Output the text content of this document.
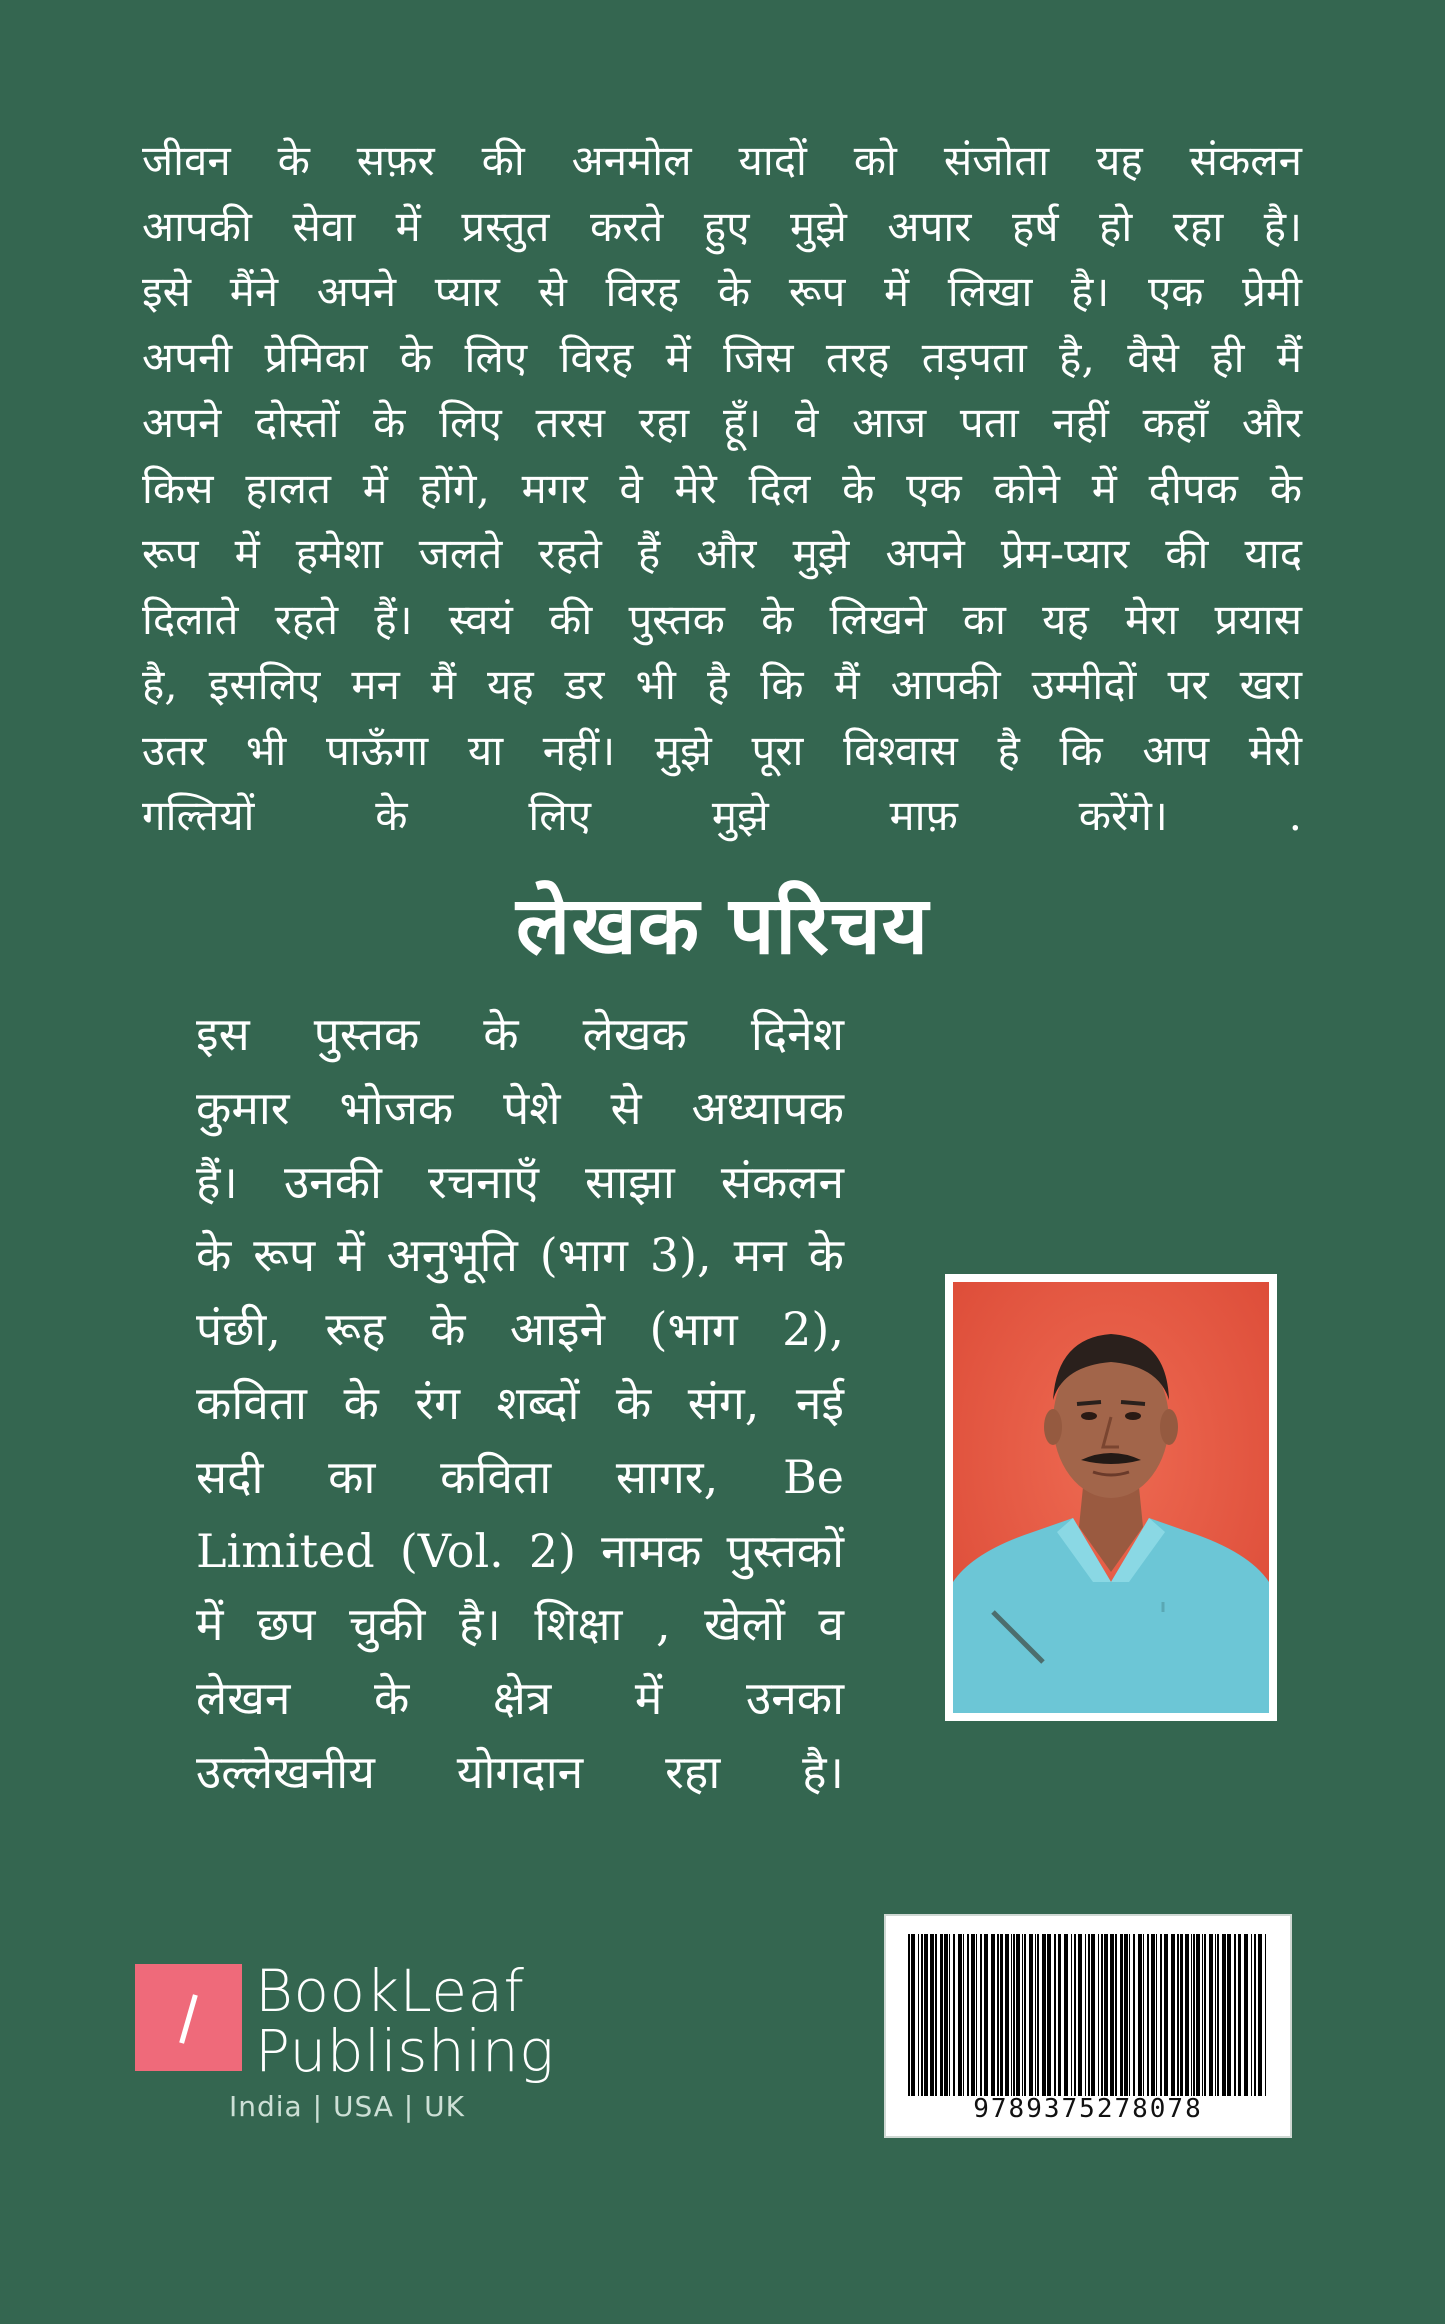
जीवन के सफ़र की अनमोल यादों को संजोता यह संकलन
आपकी सेवा में प्रस्तुत करते हुए मुझे अपार हर्ष हो रहा है।
इसे मैंने अपने प्यार से विरह के रूप में लिखा है। एक प्रेमी
अपनी प्रेमिका के लिए विरह में जिस तरह तड़पता है, वैसे ही मैं
अपने दोस्तों के लिए तरस रहा हूँ। वे आज पता नहीं कहाँ और
किस हालत में होंगे, मगर वे मेरे दिल के एक कोने में दीपक के
रूप में हमेशा जलते रहते हैं और मुझे अपने प्रेम-प्यार की याद
दिलाते रहते हैं। स्वयं की पुस्तक के लिखने का यह मेरा प्रयास
है, इसलिए मन मैं यह डर भी है कि मैं आपकी उम्मीदों पर खरा
उतर भी पाऊँगा या नहीं। मुझे पूरा विश्वास है कि आप मेरी
गल्तियों के लिए मुझे माफ़ करेंगे। .
लेखक परिचय
इस पुस्तक के लेखक दिनेश
कुमार भोजक पेशे से अध्यापक
हैं। उनकी रचनाएँ साझा संकलन
के रूप में अनुभूति (भाग 3), मन के
पंछी, रूह के आइने (भाग 2),
कविता के रंग शब्दों के संग, नई
सदी का कविता सागर, Be
Limited (Vol. 2) नामक पुस्तकों
में छप चुकी है। शिक्षा , खेलों व
लेखन के क्षेत्र में उनका
उल्लेखनीय योगदान रहा है।
BookLeaf
Publishing
India | USA | UK	9789375278078
